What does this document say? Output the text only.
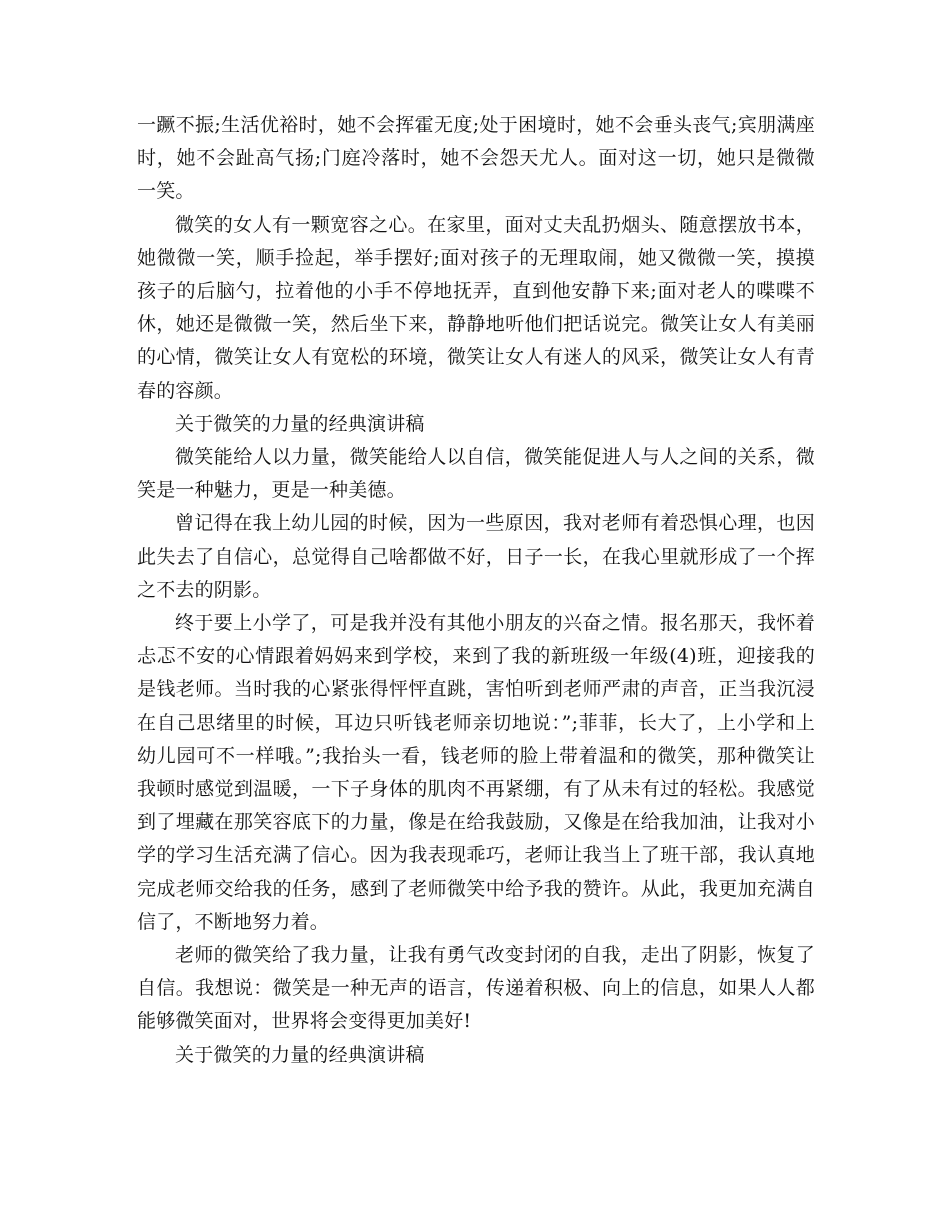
一蹶不振;生活优裕时，她不会挥霍无度;处于困境时，她不会垂头丧气;宾朋满座时，她不会趾高气扬;门庭冷落时，她不会怨天尤人。面对这一切，她只是微微一笑。

微笑的女人有一颗宽容之心。在家里，面对丈夫乱扔烟头、随意摆放书本，她微微一笑，顺手捡起，举手摆好;面对孩子的无理取闹，她又微微一笑，摸摸孩子的后脑勺，拉着他的小手不停地抚弄，直到他安静下来;面对老人的喋喋不休，她还是微微一笑，然后坐下来，静静地听他们把话说完。微笑让女人有美丽的心情，微笑让女人有宽松的环境，微笑让女人有迷人的风采，微笑让女人有青春的容颜。

关于微笑的力量的经典演讲稿

微笑能给人以力量，微笑能给人以自信，微笑能促进人与人之间的关系，微笑是一种魅力，更是一种美德。

曾记得在我上幼儿园的时候，因为一些原因，我对老师有着恐惧心理，也因此失去了自信心，总觉得自己啥都做不好，日子一长，在我心里就形成了一个挥之不去的阴影。

终于要上小学了，可是我并没有其他小朋友的兴奋之情。报名那天，我怀着忐忑不安的心情跟着妈妈来到学校，来到了我的新班级一年级(4)班，迎接我的是钱老师。当时我的心紧张得怦怦直跳，害怕听到老师严肃的声音，正当我沉浸在自己思绪里的时候，耳边只听钱老师亲切地说：”;菲菲，长大了，上小学和上幼儿园可不一样哦。”;我抬头一看，钱老师的脸上带着温和的微笑，那种微笑让我顿时感觉到温暖，一下子身体的肌肉不再紧绷，有了从未有过的轻松。我感觉到了埋藏在那笑容底下的力量，像是在给我鼓励，又像是在给我加油，让我对小学的学习生活充满了信心。因为我表现乖巧，老师让我当上了班干部，我认真地完成老师交给我的任务，感到了老师微笑中给予我的赞许。从此，我更加充满自信了，不断地努力着。

老师的微笑给了我力量，让我有勇气改变封闭的自我，走出了阴影，恢复了自信。我想说：微笑是一种无声的语言，传递着积极、向上的信息，如果人人都能够微笑面对，世界将会变得更加美好!

关于微笑的力量的经典演讲稿
